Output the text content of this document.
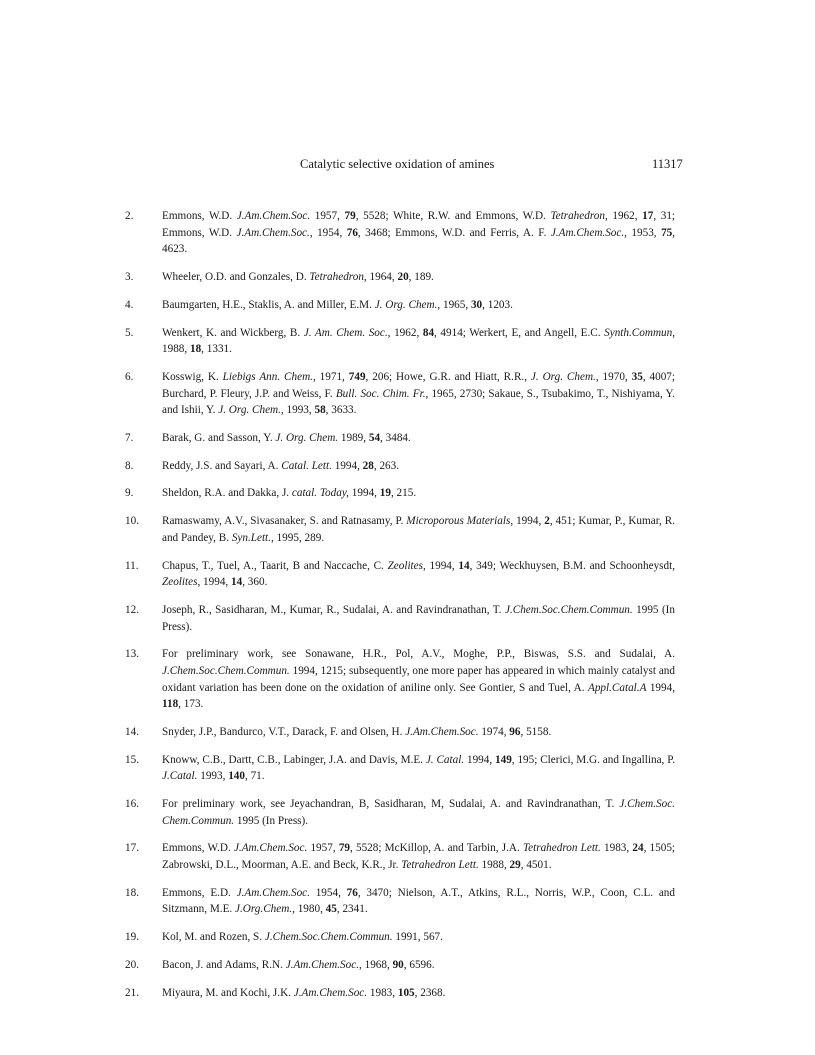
Catalytic selective oxidation of amines	11317
2.	Emmons, W.D. J.Am.Chem.Soc. 1957, 79, 5528; White, R.W. and Emmons, W.D. Tetrahedron, 1962, 17, 31; Emmons, W.D. J.Am.Chem.Soc., 1954, 76, 3468; Emmons, W.D. and Ferris, A. F. J.Am.Chem.Soc., 1953, 75, 4623.
3.	Wheeler, O.D. and Gonzales, D. Tetrahedron, 1964, 20, 189.
4.	Baumgarten, H.E., Staklis, A. and Miller, E.M. J. Org. Chem., 1965, 30, 1203.
5.	Wenkert, K. and Wickberg, B. J. Am. Chem. Soc., 1962, 84, 4914; Werkert, E, and Angell, E.C. Synth.Commun, 1988, 18, 1331.
6.	Kosswig, K. Liebigs Ann. Chem., 1971, 749, 206; Howe, G.R. and Hiatt, R.R., J. Org. Chem., 1970, 35, 4007; Burchard, P. Fleury, J.P. and Weiss, F. Bull. Soc. Chim. Fr., 1965, 2730; Sakaue, S., Tsubakimo, T., Nishiyama, Y. and Ishii, Y. J. Org. Chem., 1993, 58, 3633.
7.	Barak, G. and Sasson, Y. J. Org. Chem. 1989, 54, 3484.
8.	Reddy, J.S. and Sayari, A. Catal. Lett. 1994, 28, 263.
9.	Sheldon, R.A. and Dakka, J. catal. Today, 1994, 19, 215.
10. Ramaswamy, A.V., Sivasanaker, S. and Ratnasamy, P. Microporous Materials, 1994, 2, 451; Kumar, P., Kumar, R. and Pandey, B. Syn.Lett., 1995, 289.
11. Chapus, T., Tuel, A., Taarit, B and Naccache, C. Zeolites, 1994, 14, 349; Weckhuysen, B.M. and Schoonheysdt, Zeolites, 1994, 14, 360.
12. Joseph, R., Sasidharan, M., Kumar, R., Sudalai, A. and Ravindranathan, T. J.Chem.Soc.Chem.Commun. 1995 (In Press).
13. For preliminary work, see Sonawane, H.R., Pol, A.V., Moghe, P.P., Biswas, S.S. and Sudalai, A. J.Chem.Soc.Chem.Commun. 1994, 1215; subsequently, one more paper has appeared in which mainly catalyst and oxidant variation has been done on the oxidation of aniline only. See Gontier, S and Tuel, A. Appl.Catal.A 1994, 118, 173.
14. Snyder, J.P., Bandurco, V.T., Darack, F. and Olsen, H. J.Am.Chem.Soc. 1974, 96, 5158.
15. Knoww, C.B., Dartt, C.B., Labinger, J.A. and Davis, M.E. J. Catal. 1994, 149, 195; Clerici, M.G. and Ingallina, P. J.Catal. 1993, 140, 71.
16. For preliminary work, see Jeyachandran, B, Sasidharan, M, Sudalai, A. and Ravindranathan, T. J.Chem.Soc. Chem.Commun. 1995 (In Press).
17. Emmons, W.D. J.Am.Chem.Soc. 1957, 79, 5528; McKillop, A. and Tarbin, J.A. Tetrahedron Lett. 1983, 24, 1505; Zabrowski, D.L., Moorman, A.E. and Beck, K.R., Jr. Tetrahedron Lett. 1988, 29, 4501.
18. Emmons, E.D. J.Am.Chem.Soc. 1954, 76, 3470; Nielson, A.T., Atkins, R.L., Norris, W.P., Coon, C.L. and Sitzmann, M.E. J.Org.Chem., 1980, 45, 2341.
19. Kol, M. and Rozen, S. J.Chem.Soc.Chem.Commun. 1991, 567.
20. Bacon, J. and Adams, R.N. J.Am.Chem.Soc., 1968, 90, 6596.
21. Miyaura, M. and Kochi, J.K. J.Am.Chem.Soc. 1983, 105, 2368.
